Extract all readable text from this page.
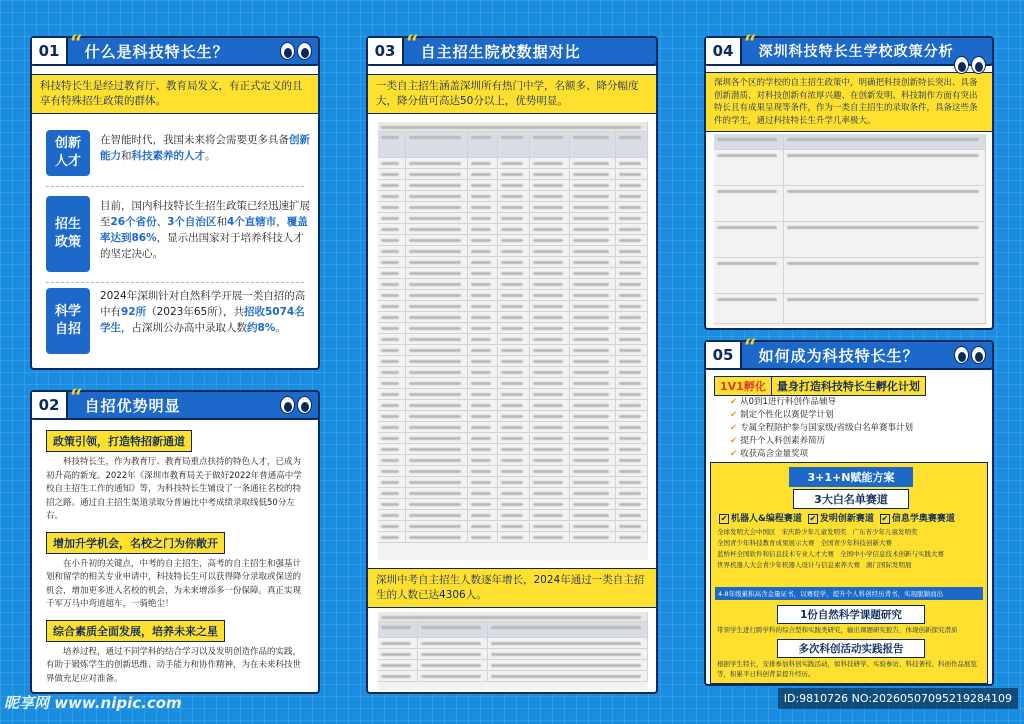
科技特长生是经过教育厅、教育局发文，有正式定义的且享有特殊招生政策的群体。
创新人才
在智能时代，我国未来将会需要更多具备创新能力和科技素养的人才。
招生政策
目前，国内科技特长生招生政策已经迅速扩展至26个省份、3个自治区和4个直辖市，覆盖率达到86%，显示出国家对于培养科技人才的坚定决心。
科学自招
2024年深圳针对自然科学开展一类自招的高中有92所（2023年65所），共招收5074名学生，占深圳公办高中录取人数约8%。
01 “ 什么是科技特长生？
政策引领，打造特招新通道

科技特长生，作为教育厅、教育局重点扶持的特色人才，已成为初升高的新宠。2022年《深圳市教育局关于做好2022年普通高中学校自主招生工作的通知》等，为科技特长生铺设了一条通往名校的特招之路。通过自主招生渠道录取分普遍比中考成绩录取线低50分左右。

增加升学机会，名校之门为你敞开

在小升初的关键点，中考的自主招生，高考的自主招生和强基计划和留学的相关专业申请中，科技特长生可以获得降分录取或保送的机会，增加更多进入名校的机会，为未来增添多一份保障。真正实现千军万马中弯道超车，一骑绝尘！

综合素质全面发展，培养未来之星

培养过程，通过不同学科的结合学习以及发明创造作品的实践，有助于锻炼学生的创新思维、动手能力和协作精神，为在未来科技世界做充足应对准备。

02 “ 自招优势明显
一类自主招生涵盖深圳所有热门中学，名额多、降分幅度大，降分值可高达50分以上，优势明显。
深圳中考自主招生人数逐年增长，2024年通过一类自主招生的人数已达4306人。
03 “ 自主招生院校数据对比
深圳各个区的学校的自主招生政策中，明确把科技创新特长突出、具备创新潜质、对科技创新有浓厚兴趣、在创新发明、科技制作方面有突出特长且有成果呈现等条件，作为一类自主招生的录取条件，具备这些条件的学生，通过科技特长生升学几率极大。
04 “ 深圳科技特长生学校政策分析
1V1孵化	量身打造科技特长生孵化计划
✔ 从0到1进行科创作品辅导
✔ 制定个性化以赛促学计划
✔ 专属全程陪护参与国家级/省级白名单赛事计划
✔ 提升个人科创素养简历
✔ 收获高含金量奖项
3+1+N赋能方案
3大白名单赛道
✔ 机器人&编程赛道 ✔ 发明创新赛道 ✔ 信息学奥赛赛道
全球发明大会中国区 宋庆龄少年儿童发明奖 广东省少年儿童发明奖
全国青少年科技教育成果展示大赛 全国青少年科技创新大赛
蓝桥杯全国软件和信息技术专业人才大赛 全国中小学信息技术创新与实践大赛
世界机器人大会青少年机器人设计与信息素养大赛 澳门国际发明展
4-8年级累积高含金量证书，以赛促学，提升个人科创经历背书，实现脱颖而出
1份自然科学课题研究
带领学生进行跨学科的综合型和实践类研究，输出课题研究报告，体现创新探究潜质
多次科创活动实践报告
根据学生特长，安排参加科创实践活动，如科技研学、实验参访、科技著校、科创作品展览等，积累平日科创背景提升经历。
05 “ 如何成为科技特长生？
昵享网 www.nipic.com	ID:9810726 NO:20260507095219284109
